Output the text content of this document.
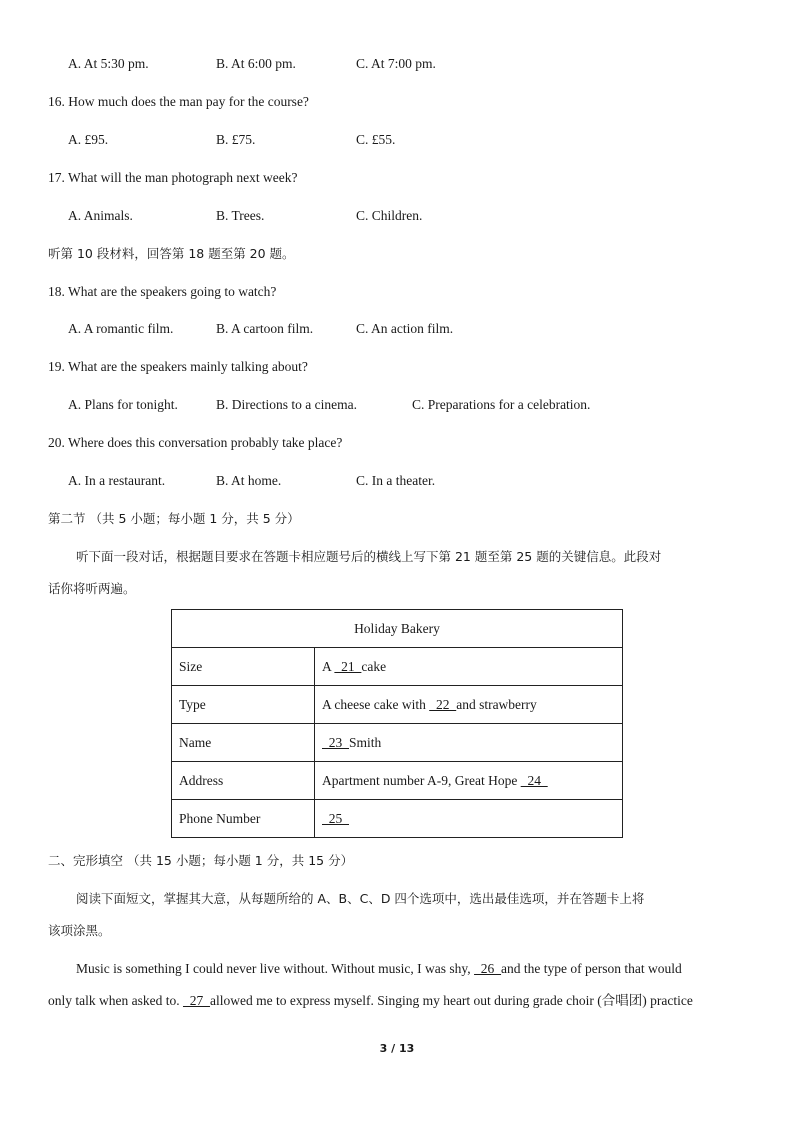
A. At 5:30 pm.	B. At 6:00 pm.	C. At 7:00 pm.
16. How much does the man pay for the course?
A. £95.	B. £75.	C. £55.
17. What will the man photograph next week?
A. Animals.	B. Trees.	C. Children.
听第 10 段材料，回答第 18 题至第 20 题。
18. What are the speakers going to watch?
A. A romantic film.	B. A cartoon film.	C. An action film.
19. What are the speakers mainly talking about?
A. Plans for tonight.	B. Directions to a cinema.	C. Preparations for a celebration.
20. Where does this conversation probably take place?
A. In a restaurant.	B. At home.	C. In a theater.
第二节 （共 5 小题；每小题 1 分，共 5 分）
听下面一段对话，根据题目要求在答题卡相应题号后的横线上写下第 21 题至第 25 题的关键信息。此段对
话你将听两遍。
Holiday Bakery	
Size	A   21  cake
Type	A cheese cake with   22  and strawberry
Name	23  Smith
Address	Apartment number A-9, Great Hope   24
Phone Number	25
二、完形填空 （共 15 小题；每小题 1 分，共 15 分）
阅读下面短文，掌握其大意，从每题所给的 A、B、C、D 四个选项中，选出最佳选项，并在答题卡上将
该项涂黑。
Music is something I could never live without. Without music, I was shy,   26  and the type of person that would
only talk when asked to.   27  allowed me to express myself. Singing my heart out during grade choir (合唱团) practice
3 / 13
